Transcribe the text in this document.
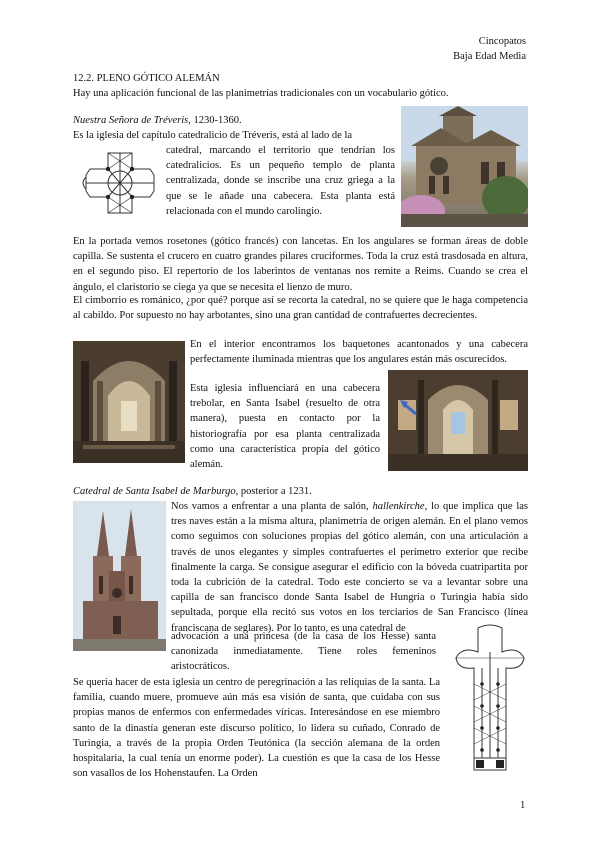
Cincopatos
Baja Edad Media
12.2. PLENO GÓTICO ALEMÁN
Hay una aplicación funcional de las planimetrías tradicionales con un vocabulario gótico.
Nuestra Señora de Tréveris, 1230-1360.
Es la iglesia del capítulo catedralicio de Tréveris, está al lado de la
catedral, marcando el territorio que tendrían los catedralicios. Es un pequeño templo de planta centralizada, donde se inscribe una cruz griega a la que se le añade una cabecera. Esta planta está relacionada con el mundo carolingio.
En la portada vemos rosetones (gótico francés) con lancetas. En los angulares se forman áreas de doble capilla. Se sustenta el crucero en cuatro grandes pilares cruciformes. Toda la cruz está trasdosada en altura, en el segundo piso. El repertorio de los laberintos de ventanas nos remite a Reims. Cuando se crea el ángulo, el claristorio se ciega ya que se necesita el lienzo de muro.
El cimborrio es románico, ¿por qué? porque así se recorta la catedral, no se quiere que le haga competencia al cabildo. Por supuesto no hay arbotantes, sino una gran cantidad de contrafuertes decrecientes.
En el interior encontramos los baquetones acantonados y una cabecera perfectamente iluminada mientras que los angulares están más oscurecidos.
Esta iglesia influenciará en una cabecera trebolar, en Santa Isabel (resuelto de otra manera), puesta en contacto por la historiografía por esa planta centralizada como una característica propia del gótico alemán.
Catedral de Santa Isabel de Marburgo, posterior a 1231.
Nos vamos a enfrentar a una planta de salón, hallenkirche, lo que implica que las tres naves están a la misma altura, planimetría de origen alemán. En el plano vemos como seguimos con soluciones propias del gótico alemán, con una articulación a través de unos elegantes y simples contrafuertes el perímetro exterior que recibe finalmente la carga. Se consigue asegurar el edificio con la bóveda cuatripartita por toda la cubrición de la catedral. Todo este concierto se va a levantar sobre una capilla de san francisco donde Santa Isabel de Hungría o Turingia había sido sepultada, porque ella recitó sus votos en los terciarios de San Francisco (línea franciscana de seglares). Por lo tanto, es una catedral de
advocación a una princesa (de la casa de los Hesse) santa canonizada inmediatamente. Tiene roles femeninos aristocráticos.
Se quería hacer de esta iglesia un centro de peregrinación a las reliquias de la santa. La familia, cuando muere, promueve aún más esa visión de santa, que cuidaba con sus propias manos de enfermos con enfermedades víricas. Interesándose en ese miembro santo de la dinastía generan este discurso político, lo lidera su cuñado, Conrado de Turingia, a través de la propia Orden Teutónica (la sección alemana de la orden hospitalaria, la cual tenía un enorme poder). La cuestión es que la casa de los Hesse son vasallos de los Hohenstaufen. La Orden
1
